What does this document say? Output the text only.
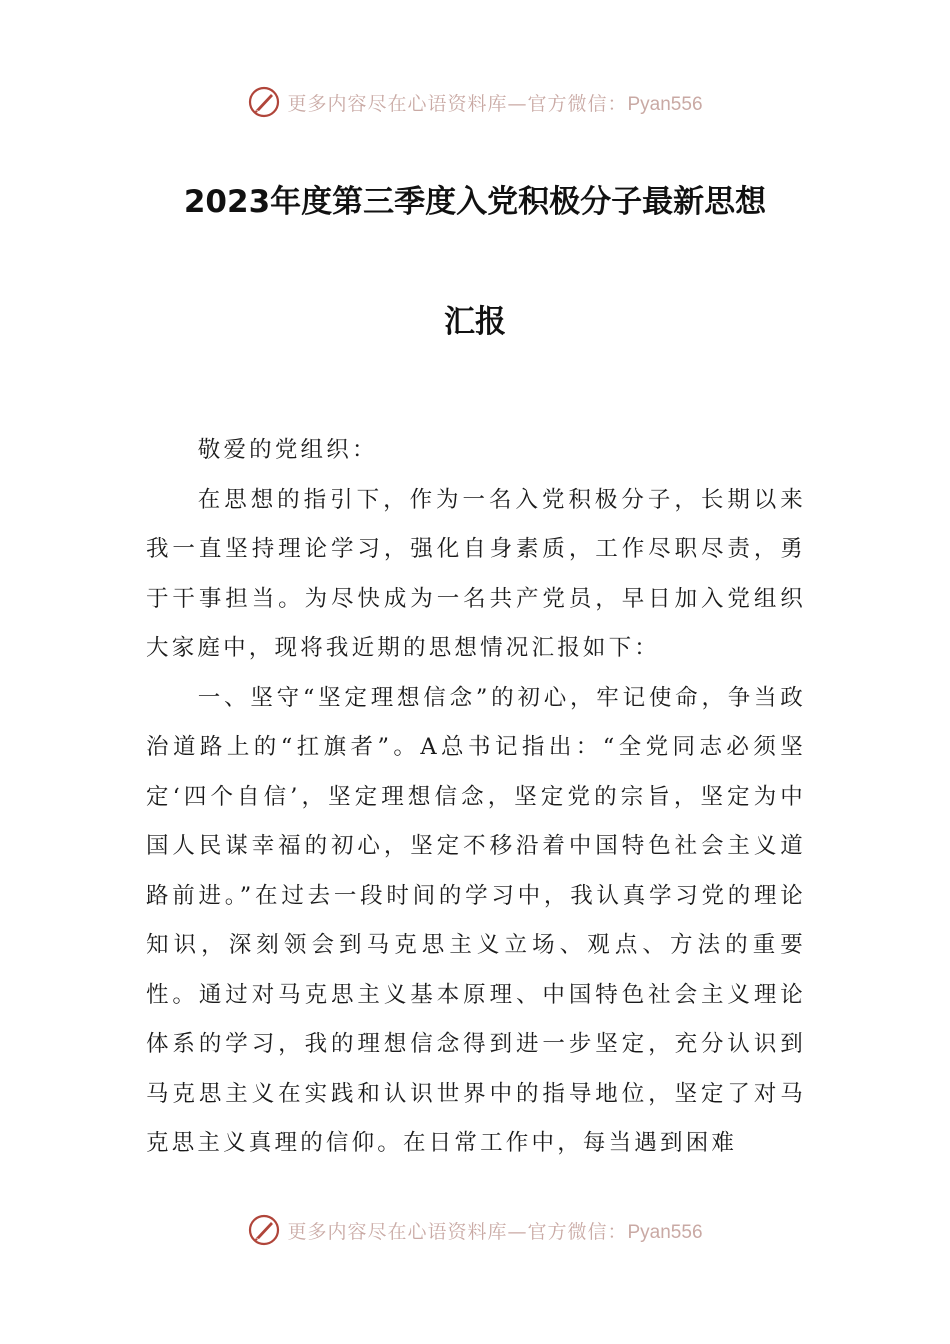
更多内容尽在心语资料库—官方微信：Pyan556
2023年度第三季度入党积极分子最新思想
汇报

敬爱的党组织：

在思想的指引下，作为一名入党积极分子，长期以来我一直坚持理论学习，强化自身素质，工作尽职尽责，勇于干事担当。为尽快成为一名共产党员，早日加入党组织大家庭中，现将我近期的思想情况汇报如下：

一、坚守“坚定理想信念”的初心，牢记使命，争当政治道路上的“扛旗者”。A总书记指出：“全党同志必须坚定‘四个自信’，坚定理想信念，坚定党的宗旨，坚定为中国人民谋幸福的初心，坚定不移沿着中国特色社会主义道路前进。”在过去一段时间的学习中，我认真学习党的理论知识，深刻领会到马克思主义立场、观点、方法的重要性。通过对马克思主义基本原理、中国特色社会主义理论体系的学习，我的理想信念得到进一步坚定，充分认识到马克思主义在实践和认识世界中的指导地位，坚定了对马克思主义真理的信仰。在日常工作中，每当遇到困难

更多内容尽在心语资料库—官方微信：Pyan556
